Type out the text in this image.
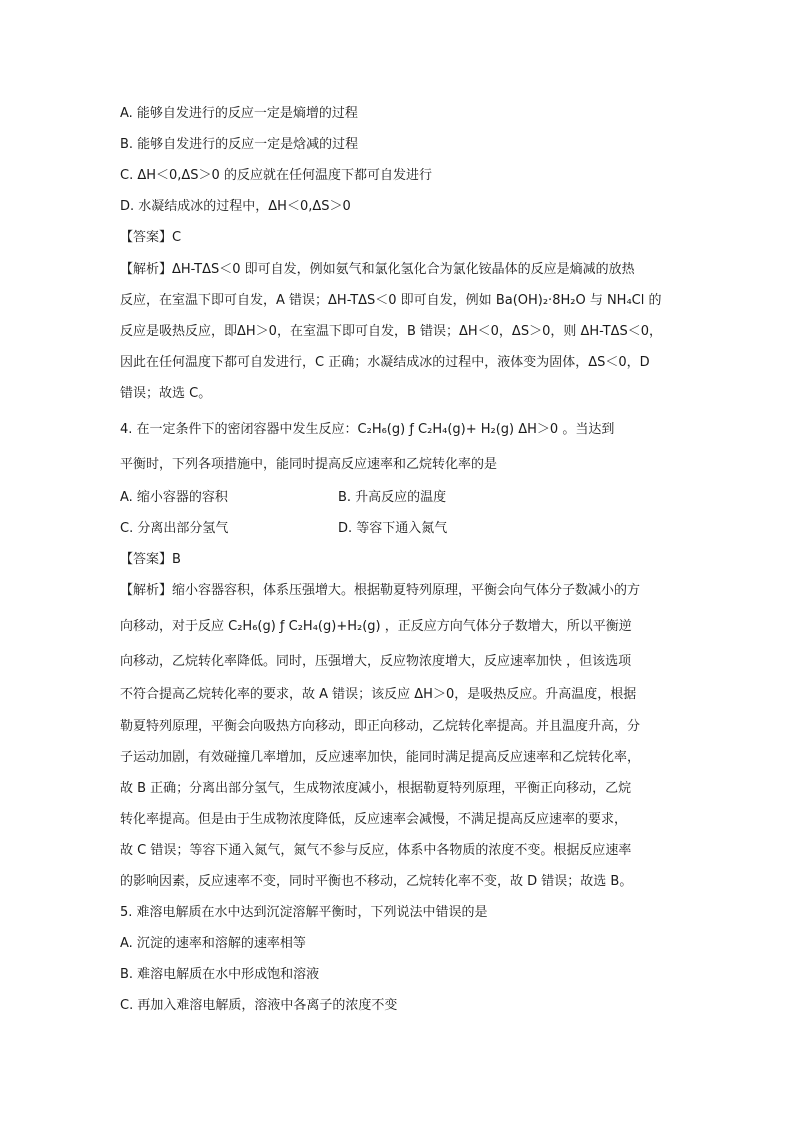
A. 能够自发进行的反应一定是熵增的过程
B. 能够自发进行的反应一定是焓减的过程
C. ΔH＜0,ΔS＞0 的反应就在任何温度下都可自发进行
D. 水凝结成冰的过程中，ΔH＜0,ΔS＞0
【答案】C
【解析】ΔH-TΔS＜0 即可自发，例如氨气和氯化氢化合为氯化铵晶体的反应是熵减的放热
反应，在室温下即可自发，A 错误；ΔH-TΔS＜0 即可自发，例如 Ba(OH)₂·8H₂O 与 NH₄Cl 的
反应是吸热反应，即ΔH＞0，在室温下即可自发，B 错误；ΔH＜0，ΔS＞0，则 ΔH-TΔS＜0，
因此在任何温度下都可自发进行，C 正确；水凝结成冰的过程中，液体变为固体，ΔS＜0，D
错误；故选 C。
4. 在一定条件下的密闭容器中发生反应：C₂H₆(g) ƒ C₂H₄(g)+ H₂(g) ΔH＞0 。当达到
平衡时，下列各项措施中，能同时提高反应速率和乙烷转化率的是
A. 缩小容器的容积	B. 升高反应的温度
C. 分离出部分氢气	D. 等容下通入氮气
【答案】B
【解析】缩小容器容积，体系压强增大。根据勒夏特列原理，平衡会向气体分子数减小的方
向移动，对于反应 C₂H₆(g) ƒ C₂H₄(g)+H₂(g) ，正反应方向气体分子数增大，所以平衡逆
向移动，乙烷转化率降低。同时，压强增大，反应物浓度增大，反应速率加快 ，但该选项
不符合提高乙烷转化率的要求，故 A 错误；该反应 ΔH＞0，是吸热反应。升高温度，根据
勒夏特列原理，平衡会向吸热方向移动，即正向移动，乙烷转化率提高。并且温度升高，分
子运动加剧，有效碰撞几率增加，反应速率加快，能同时满足提高反应速率和乙烷转化率，
故 B 正确；分离出部分氢气，生成物浓度减小，根据勒夏特列原理，平衡正向移动，乙烷
转化率提高。但是由于生成物浓度降低，反应速率会减慢，不满足提高反应速率的要求，
故 C 错误；等容下通入氮气，氮气不参与反应，体系中各物质的浓度不变。根据反应速率
的影响因素，反应速率不变，同时平衡也不移动，乙烷转化率不变，故 D 错误；故选 B。
5. 难溶电解质在水中达到沉淀溶解平衡时，下列说法中错误的是
A. 沉淀的速率和溶解的速率相等
B. 难溶电解质在水中形成饱和溶液
C. 再加入难溶电解质，溶液中各离子的浓度不变
